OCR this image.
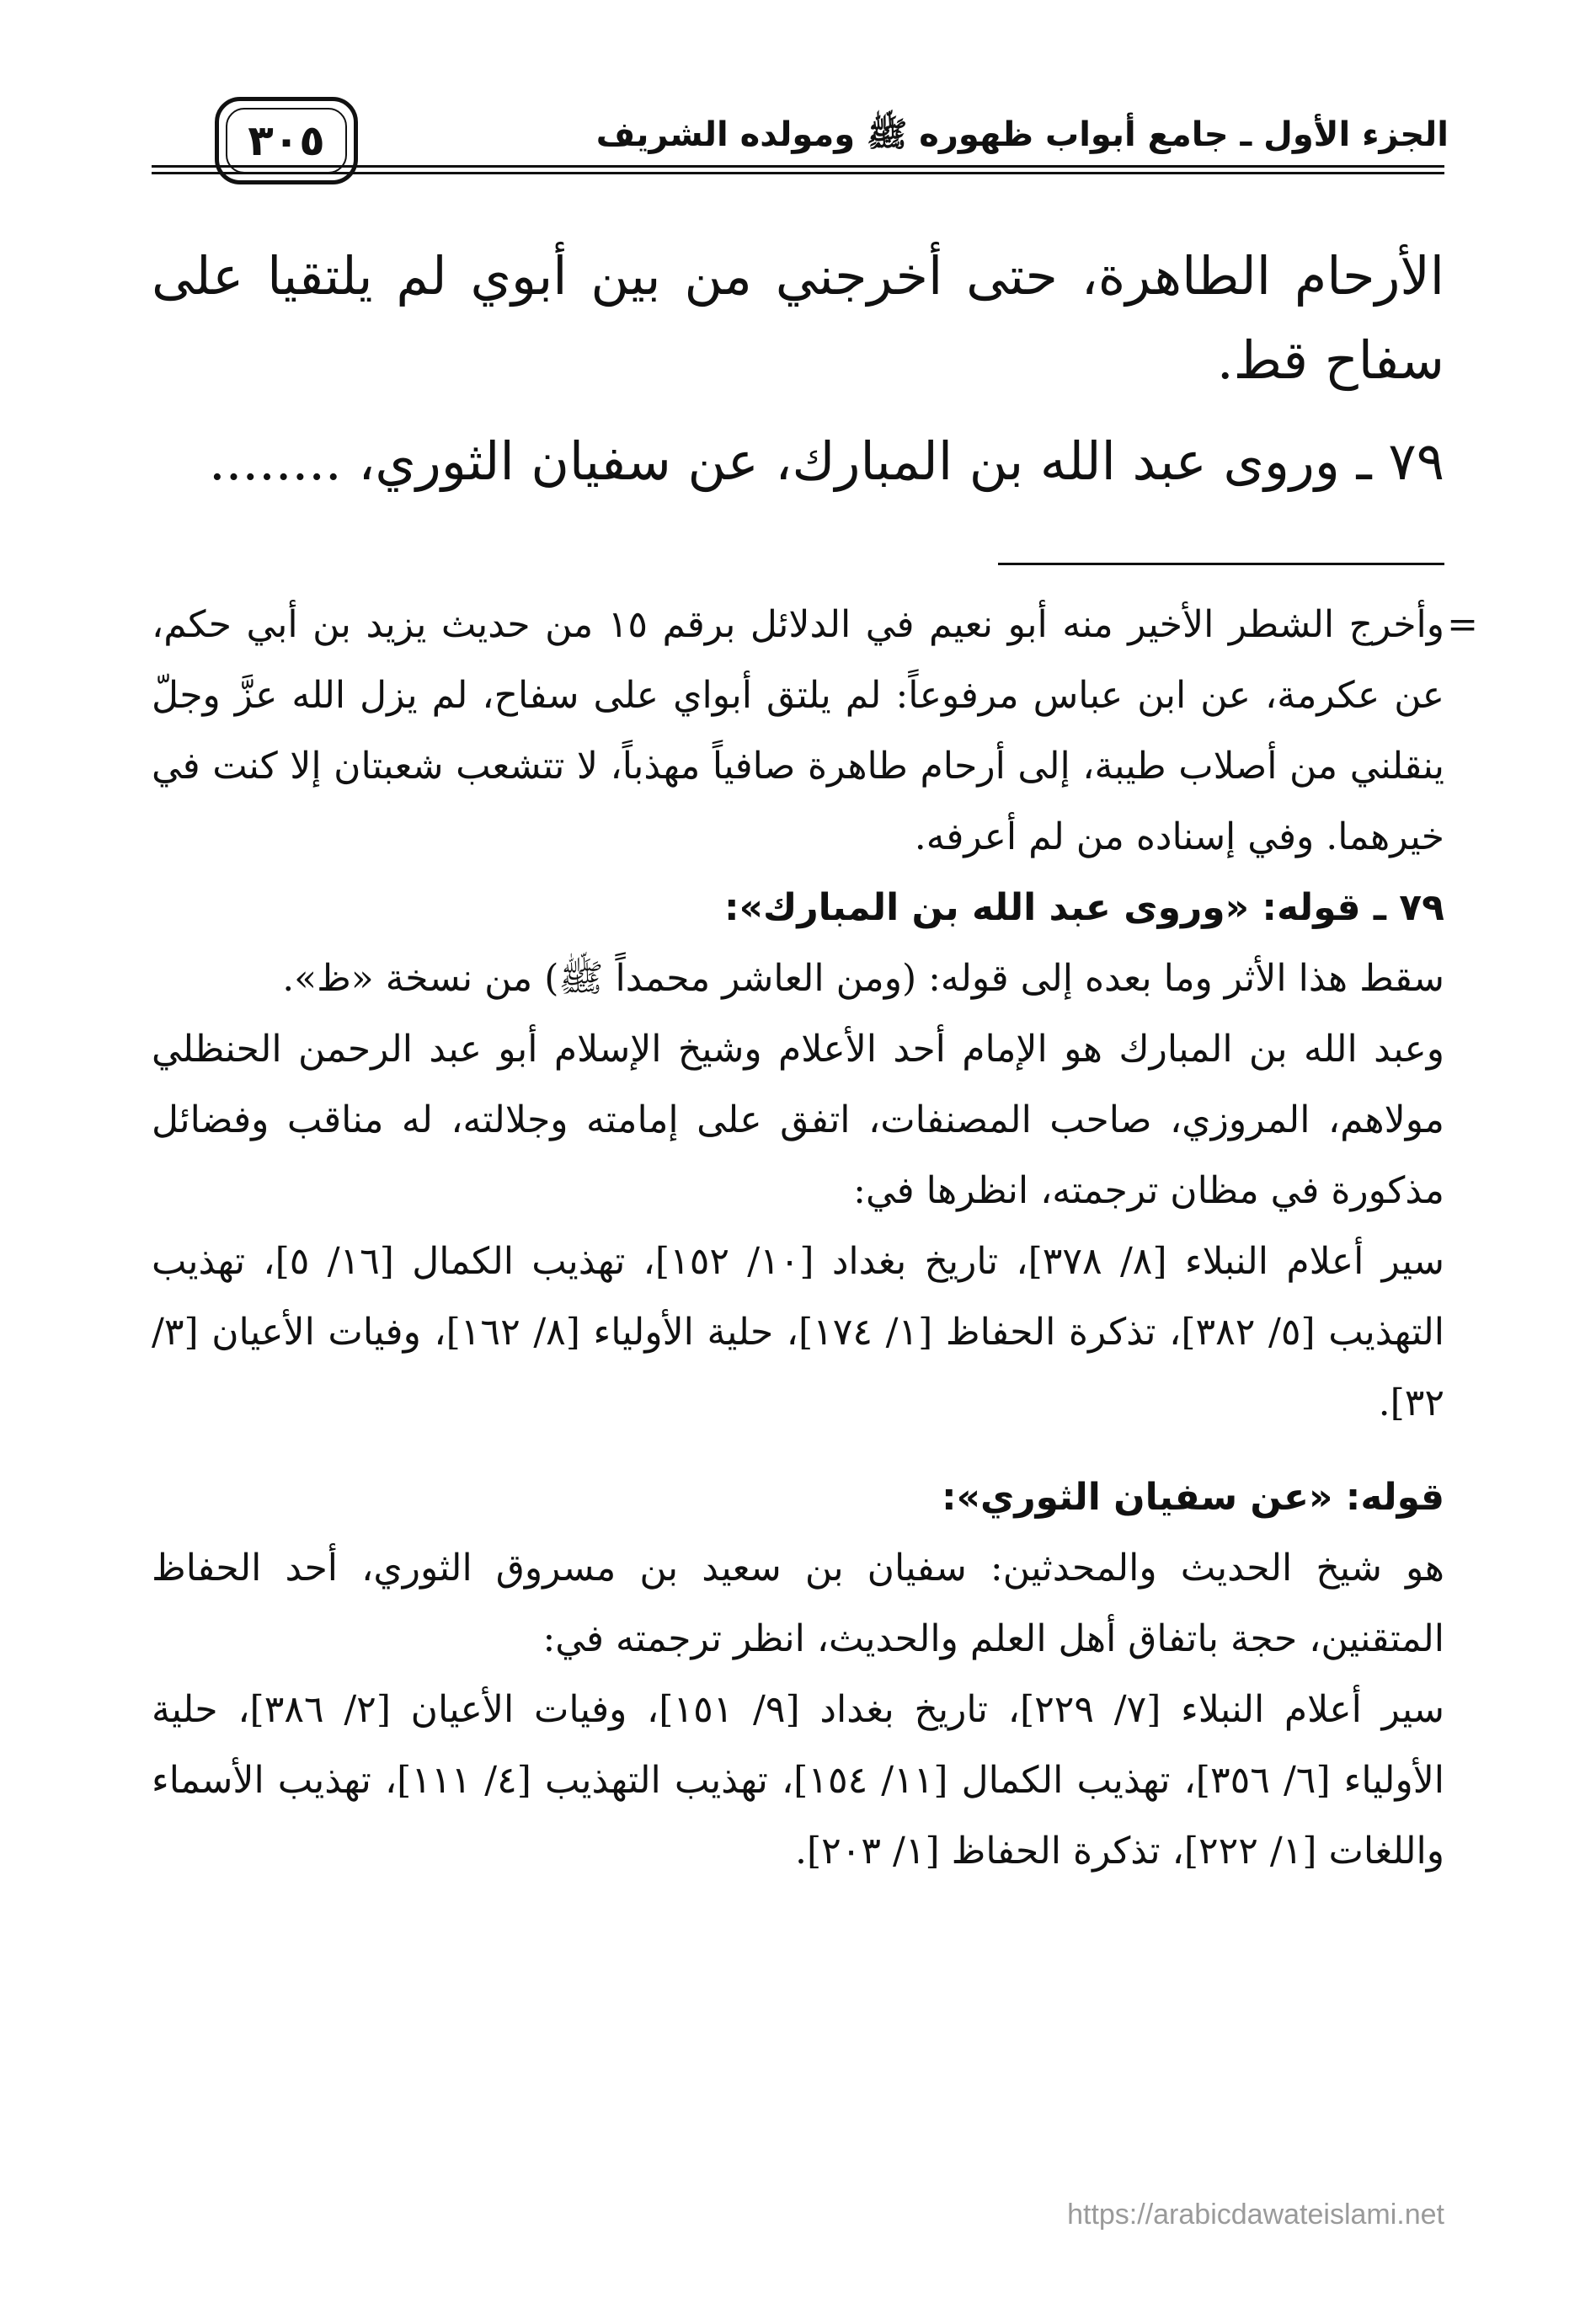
٣٠٥	الجزء الأول ـ جامع أبواب ظهوره ﷺ ومولده الشريف

الأرحام الطاهرة، حتى أخرجني من بين أبوي لم يلتقيا على سفاح قط.

٧٩ ـ وروى عبد الله بن المبارك، عن سفيان الثوري، ........

=

وأخرج الشطر الأخير منه أبو نعيم في الدلائل برقم ١٥ من حديث يزيد بن أبي حكم، عن عكرمة، عن ابن عباس مرفوعاً: لم يلتق أبواي على سفاح، لم يزل الله عزَّ وجلّ ينقلني من أصلاب طيبة، إلى أرحام طاهرة صافياً مهذباً، لا تتشعب شعبتان إلا كنت في خيرهما. وفي إسناده من لم أعرفه.

٧٩ ـ قوله: «وروى عبد الله بن المبارك»:

سقط هذا الأثر وما بعده إلى قوله: (ومن العاشر محمداً ﷺ) من نسخة «ظ».

وعبد الله بن المبارك هو الإمام أحد الأعلام وشيخ الإسلام أبو عبد الرحمن الحنظلي مولاهم، المروزي، صاحب المصنفات، اتفق على إمامته وجلالته، له مناقب وفضائل مذكورة في مظان ترجمته، انظرها في:

سير أعلام النبلاء [٨/ ٣٧٨]، تاريخ بغداد [١٠/ ١٥٢]، تهذيب الكمال [١٦/ ٥]، تهذيب التهذيب [٥/ ٣٨٢]، تذكرة الحفاظ [١/ ١٧٤]، حلية الأولياء [٨/ ١٦٢]، وفيات الأعيان [٣/ ٣٢].

قوله: «عن سفيان الثوري»:

هو شيخ الحديث والمحدثين: سفيان بن سعيد بن مسروق الثوري، أحد الحفاظ المتقنين، حجة باتفاق أهل العلم والحديث، انظر ترجمته في:

سير أعلام النبلاء [٧/ ٢٢٩]، تاريخ بغداد [٩/ ١٥١]، وفيات الأعيان [٢/ ٣٨٦]، حلية الأولياء [٦/ ٣٥٦]، تهذيب الكمال [١١/ ١٥٤]، تهذيب التهذيب [٤/ ١١١]، تهذيب الأسماء واللغات [١/ ٢٢٢]، تذكرة الحفاظ [١/ ٢٠٣].

https://arabicdawateislami.net
